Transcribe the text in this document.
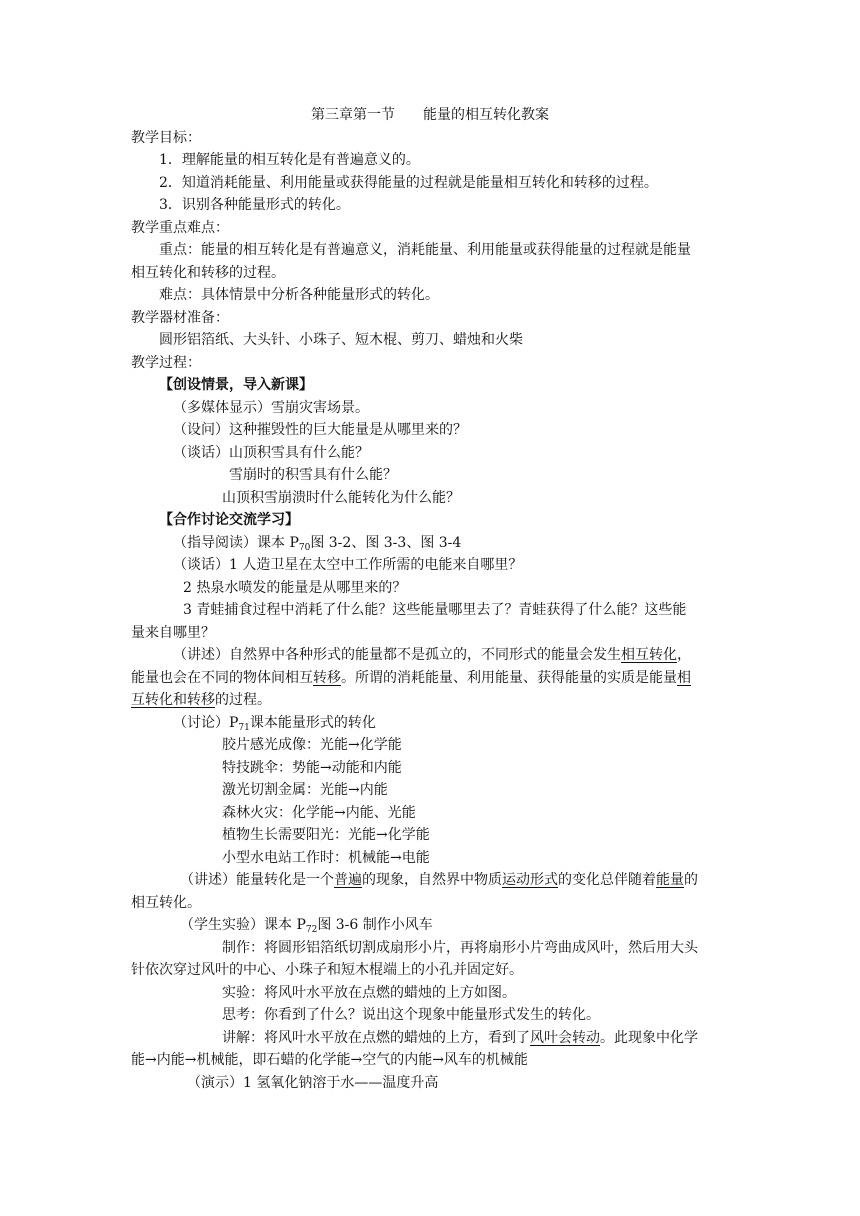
第三章第一节　　能量的相互转化教案
教学目标：
1．理解能量的相互转化是有普遍意义的。
2．知道消耗能量、利用能量或获得能量的过程就是能量相互转化和转移的过程。
3．识别各种能量形式的转化。
教学重点难点：
重点：能量的相互转化是有普遍意义，消耗能量、利用能量或获得能量的过程就是能量
相互转化和转移的过程。
难点：具体情景中分析各种能量形式的转化。
教学器材准备：
圆形铝箔纸、大头针、小珠子、短木棍、剪刀、蜡烛和火柴
教学过程：
【创设情景，导入新课】
（多媒体显示）雪崩灾害场景。
（设问）这种摧毁性的巨大能量是从哪里来的？
（谈话）山顶积雪具有什么能？
雪崩时的积雪具有什么能？
山顶积雪崩溃时什么能转化为什么能？
【合作讨论交流学习】
（指导阅读）课本 $P_{70}$图 3-2、图 3-3、图 3-4
（谈话）1 人造卫星在太空中工作所需的电能来自哪里？
2 热泉水喷发的能量是从哪里来的？
3 青蛙捕食过程中消耗了什么能？这些能量哪里去了？青蛙获得了什么能？这些能
量来自哪里？
（讲述）自然界中各种形式的能量都不是孤立的，不同形式的能量会发生相互转化，
能量也会在不同的物体间相互转移。所谓的消耗能量、利用能量、获得能量的实质是能量相
互转化和转移的过程。
（讨论）$P_{71}$课本能量形式的转化
胶片感光成像：光能→化学能
特技跳伞：势能→动能和内能
激光切割金属：光能→内能
森林火灾：化学能→内能、光能
植物生长需要阳光：光能→化学能
小型水电站工作时：机械能→电能
（讲述）能量转化是一个普遍的现象，自然界中物质运动形式的变化总伴随着能量的
相互转化。
（学生实验）课本 $P_{72}$图 3-6 制作小风车
制作：将圆形铝箔纸切割成扇形小片，再将扇形小片弯曲成风叶，然后用大头
针依次穿过风叶的中心、小珠子和短木棍端上的小孔并固定好。
实验：将风叶水平放在点燃的蜡烛的上方如图。
思考：你看到了什么？说出这个现象中能量形式发生的转化。
讲解：将风叶水平放在点燃的蜡烛的上方，看到了风叶会转动。此现象中化学
能→内能→机械能，即石蜡的化学能→空气的内能→风车的机械能
（演示）1 氢氧化钠溶于水——温度升高
